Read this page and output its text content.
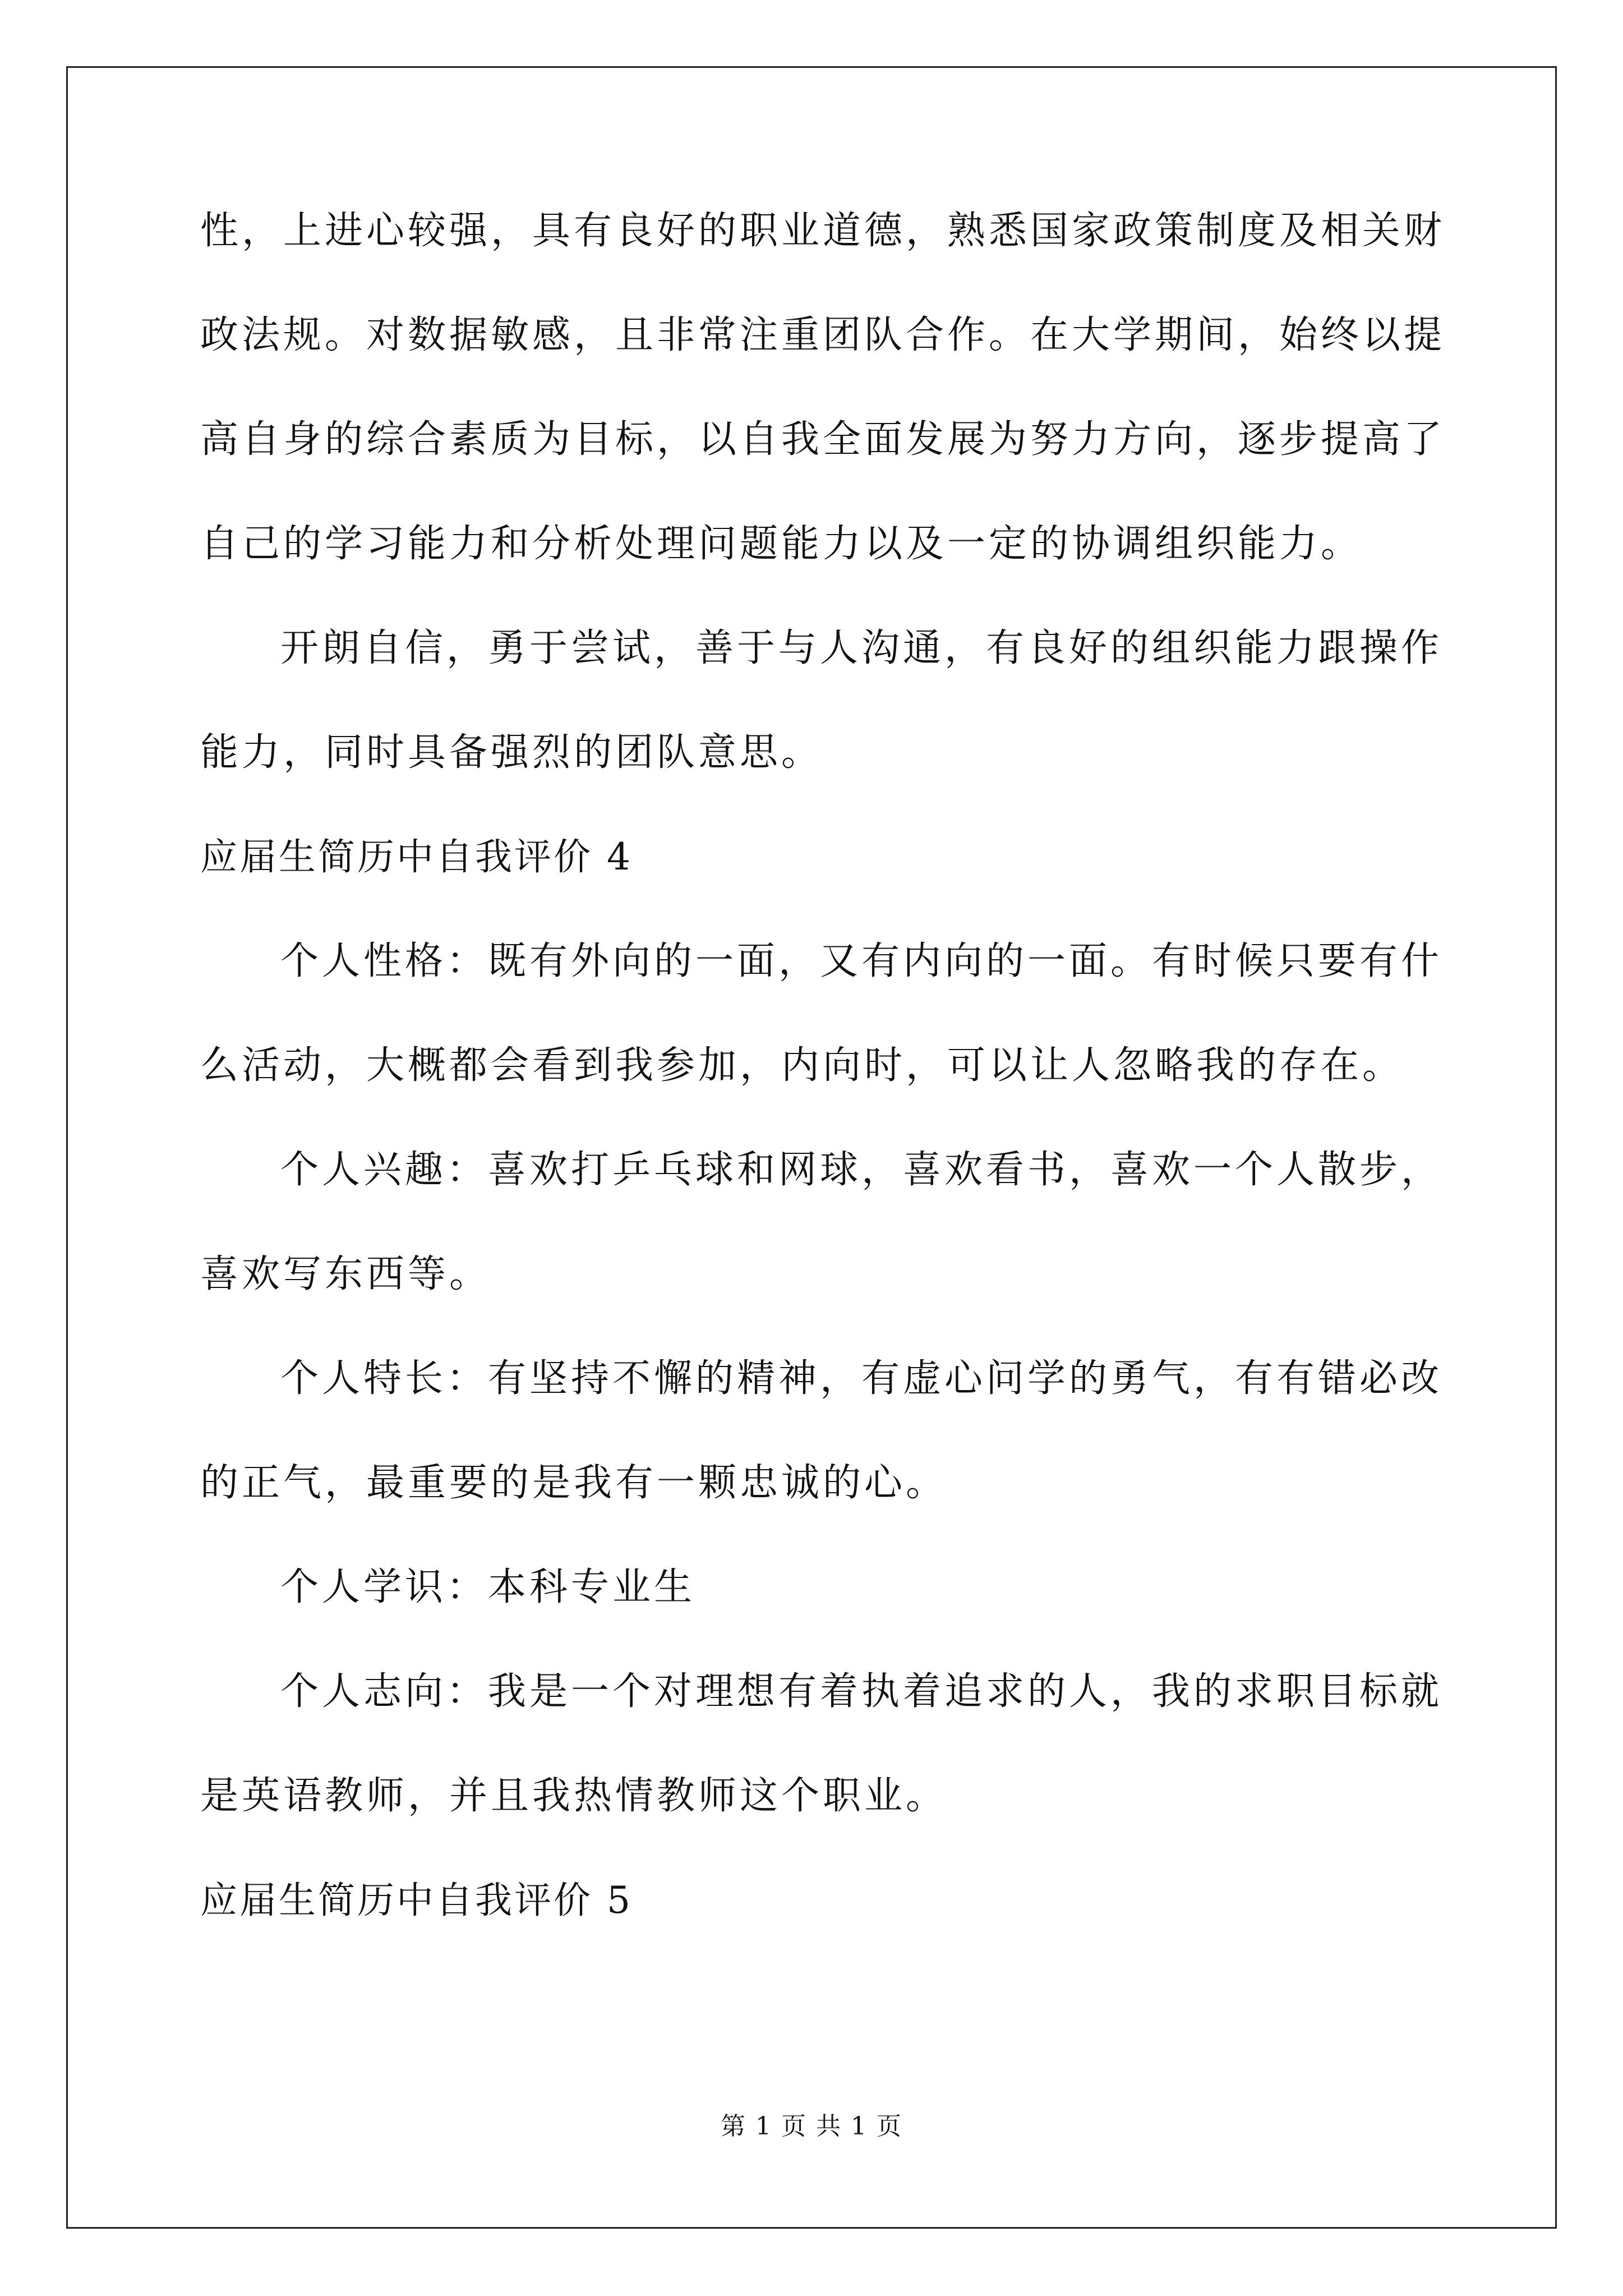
性，上进心较强，具有良好的职业道德，熟悉国家政策制度及相关财
政法规。对数据敏感，且非常注重团队合作。在大学期间，始终以提
高自身的综合素质为目标，以自我全面发展为努力方向，逐步提高了
自己的学习能力和分析处理问题能力以及一定的协调组织能力。
开朗自信，勇于尝试，善于与人沟通，有良好的组织能力跟操作
能力，同时具备强烈的团队意思。
应届生简历中自我评价 4
个人性格：既有外向的一面，又有内向的一面。有时候只要有什
么活动，大概都会看到我参加，内向时，可以让人忽略我的存在。
个人兴趣：喜欢打乒乓球和网球，喜欢看书，喜欢一个人散步，
喜欢写东西等。
个人特长：有坚持不懈的精神，有虚心问学的勇气，有有错必改
的正气，最重要的是我有一颗忠诚的心。
个人学识：本科专业生
个人志向：我是一个对理想有着执着追求的人，我的求职目标就
是英语教师，并且我热情教师这个职业。
应届生简历中自我评价 5
第 1 页 共 1 页
